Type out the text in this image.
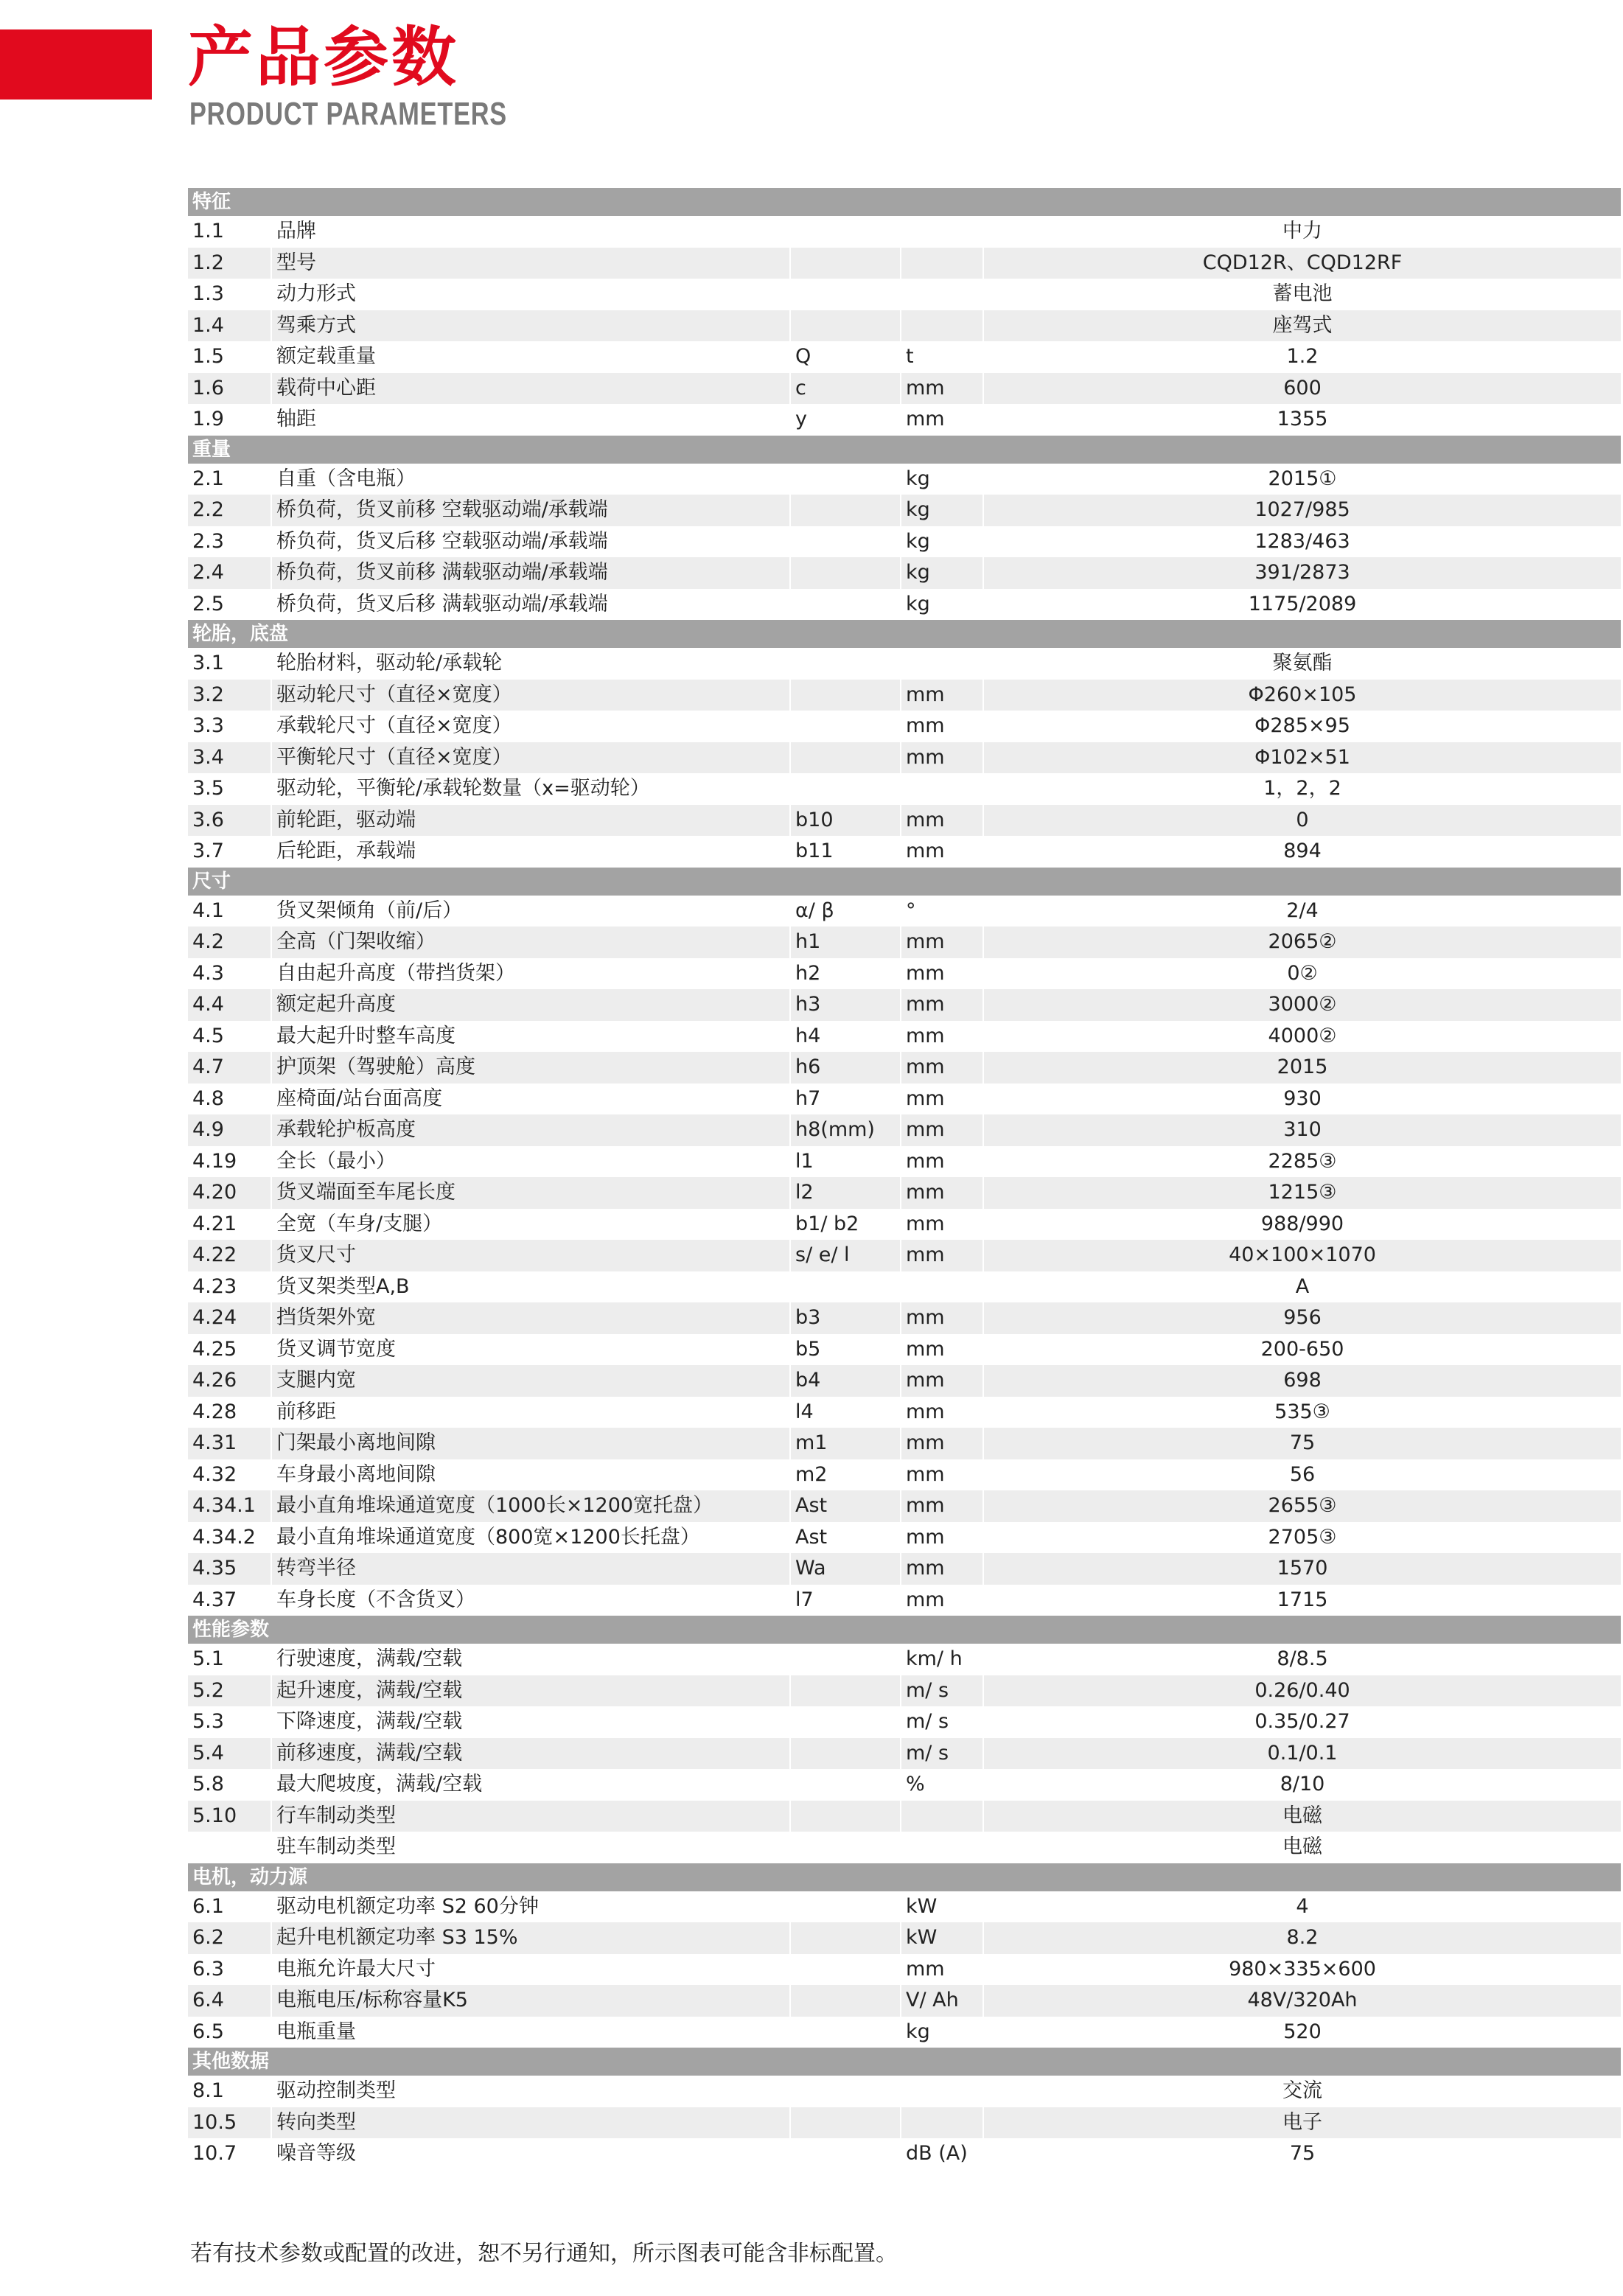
产品参数
PRODUCT PARAMETERS
特征				
1.1	品牌			中力
1.2	型号			CQD12R、CQD12RF
1.3	动力形式			蓄电池
1.4	驾乘方式			座驾式
1.5	额定载重量	Q	t	1.2
1.6	载荷中心距	c	mm	600
1.9	轴距	y	mm	1355
重量				
2.1	自重（含电瓶）		kg	2015①
2.2	桥负荷，货叉前移 空载驱动端/承载端		kg	1027/985
2.3	桥负荷，货叉后移 空载驱动端/承载端		kg	1283/463
2.4	桥负荷，货叉前移 满载驱动端/承载端		kg	391/2873
2.5	桥负荷，货叉后移 满载驱动端/承载端		kg	1175/2089
轮胎，底盘				
3.1	轮胎材料，驱动轮/承载轮			聚氨酯
3.2	驱动轮尺寸（直径×宽度）		mm	Φ260×105
3.3	承载轮尺寸（直径×宽度）		mm	Φ285×95
3.4	平衡轮尺寸（直径×宽度）		mm	Φ102×51
3.5	驱动轮，平衡轮/承载轮数量（x=驱动轮）			1，2，2
3.6	前轮距，驱动端	b10	mm	0
3.7	后轮距，承载端	b11	mm	894
尺寸				
4.1	货叉架倾角（前/后）	α/ β	°	2/4
4.2	全高（门架收缩）	h1	mm	2065②
4.3	自由起升高度（带挡货架）	h2	mm	0②
4.4	额定起升高度	h3	mm	3000②
4.5	最大起升时整车高度	h4	mm	4000②
4.7	护顶架（驾驶舱）高度	h6	mm	2015
4.8	座椅面/站台面高度	h7	mm	930
4.9	承载轮护板高度	h8(mm)	mm	310
4.19	全长（最小）	l1	mm	2285③
4.20	货叉端面至车尾长度	l2	mm	1215③
4.21	全宽（车身/支腿）	b1/ b2	mm	988/990
4.22	货叉尺寸	s/ e/ l	mm	40×100×1070
4.23	货叉架类型A,B			A
4.24	挡货架外宽	b3	mm	956
4.25	货叉调节宽度	b5	mm	200-650
4.26	支腿内宽	b4	mm	698
4.28	前移距	l4	mm	535③
4.31	门架最小离地间隙	m1	mm	75
4.32	车身最小离地间隙	m2	mm	56
4.34.1	最小直角堆垛通道宽度（1000长×1200宽托盘）	Ast	mm	2655③
4.34.2	最小直角堆垛通道宽度（800宽×1200长托盘）	Ast	mm	2705③
4.35	转弯半径	Wa	mm	1570
4.37	车身长度（不含货叉）	l7	mm	1715
性能参数				
5.1	行驶速度，满载/空载		km/ h	8/8.5
5.2	起升速度，满载/空载		m/ s	0.26/0.40
5.3	下降速度，满载/空载		m/ s	0.35/0.27
5.4	前移速度，满载/空载		m/ s	0.1/0.1
5.8	最大爬坡度，满载/空载		%	8/10
5.10	行车制动类型			电磁
	驻车制动类型			电磁
电机，动力源				
6.1	驱动电机额定功率 S2 60分钟		kW	4
6.2	起升电机额定功率 S3 15%		kW	8.2
6.3	电瓶允许最大尺寸		mm	980×335×600
6.4	电瓶电压/标称容量K5		V/ Ah	48V/320Ah
6.5	电瓶重量		kg	520
其他数据				
8.1	驱动控制类型			交流
10.5	转向类型			电子
10.7	噪音等级		dB (A)	75
若有技术参数或配置的改进，恕不另行通知，所示图表可能含非标配置。
